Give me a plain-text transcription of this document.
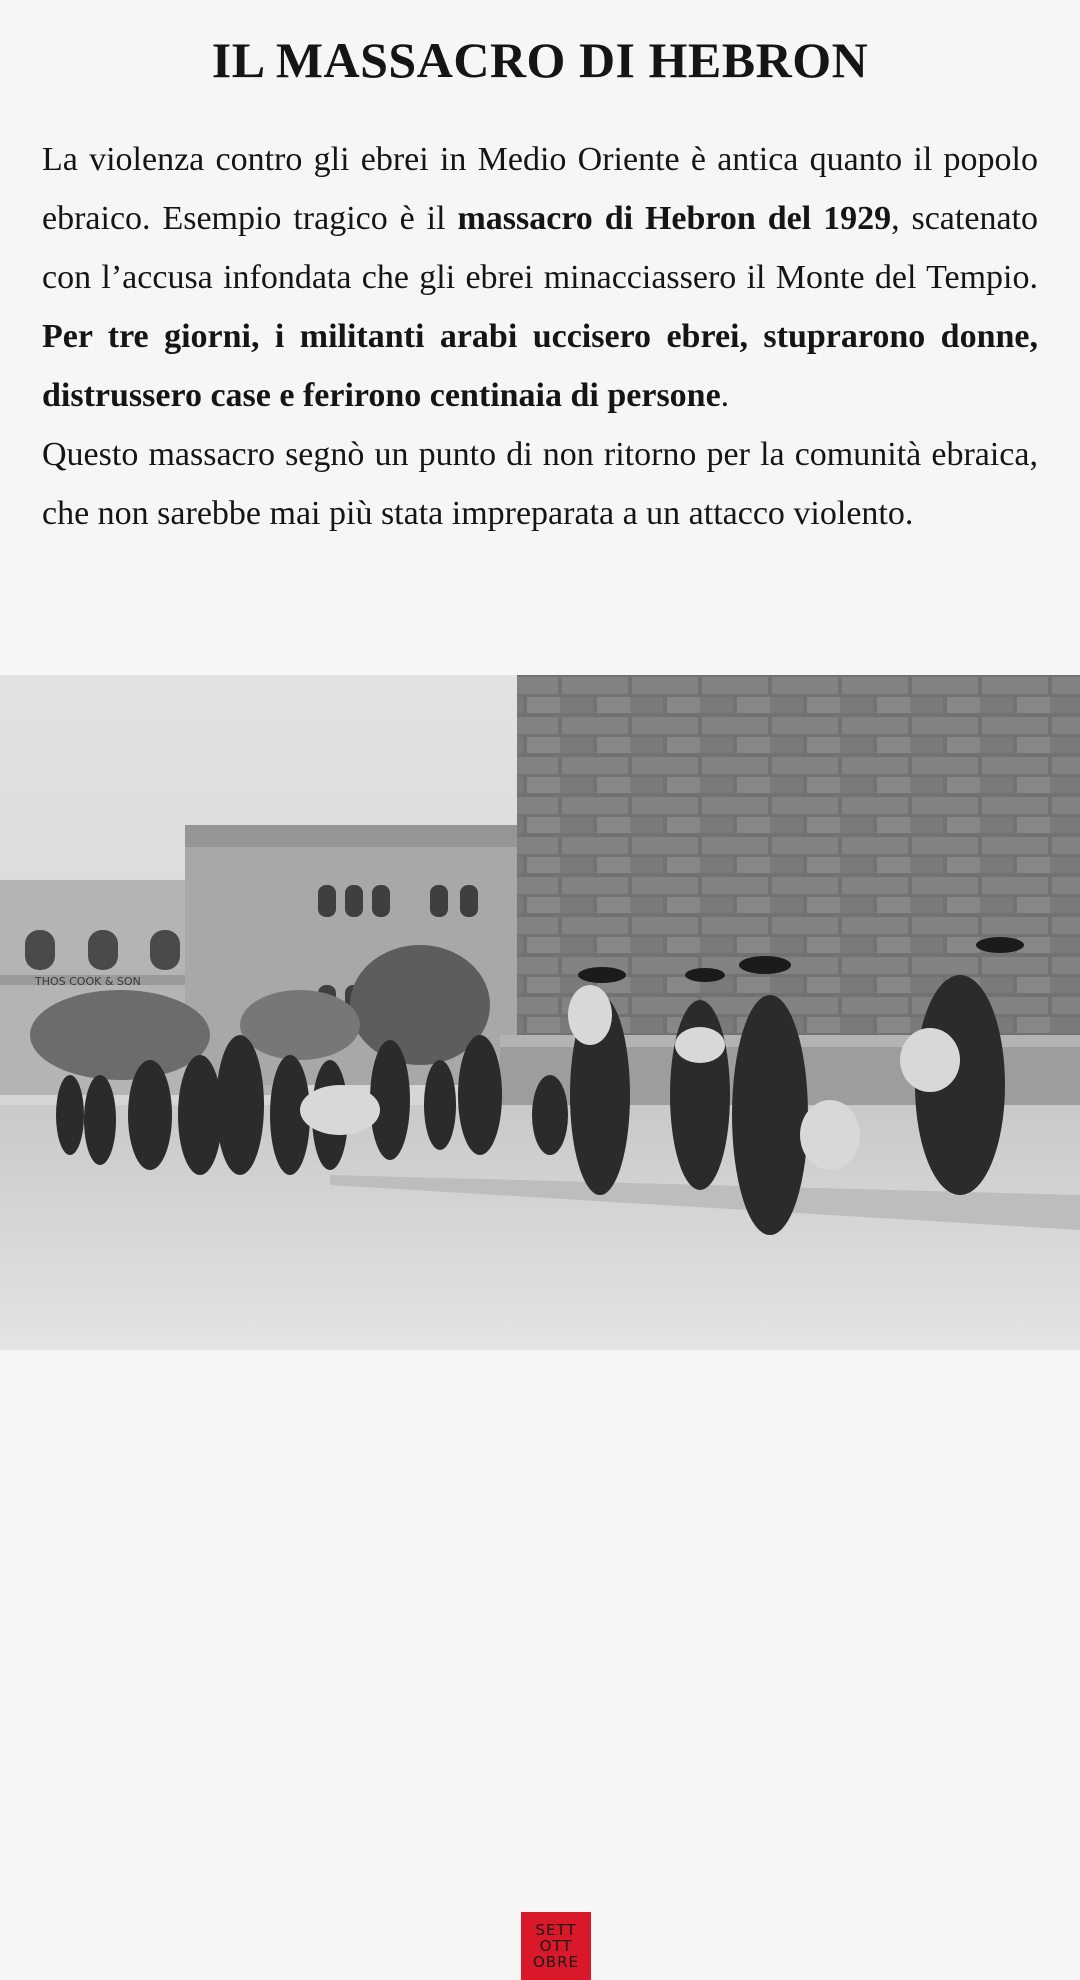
IL MASSACRO DI HEBRON

La violenza contro gli ebrei in Medio Oriente è antica quanto il popolo ebraico. Esempio tragico è il massacro di Hebron del 1929, scatenato con l’accusa infondata che gli ebrei minacciassero il Monte del Tempio. Per tre giorni, i militanti arabi uccisero ebrei, stuprarono donne, distrussero case e ferirono centinaia di persone.

Questo massacro segnò un punto di non ritorno per la comunità ebraica, che non sarebbe mai più stata impreparata a un attacco violento.

THOS COOK & SON
SETT
OTT
OBRE
